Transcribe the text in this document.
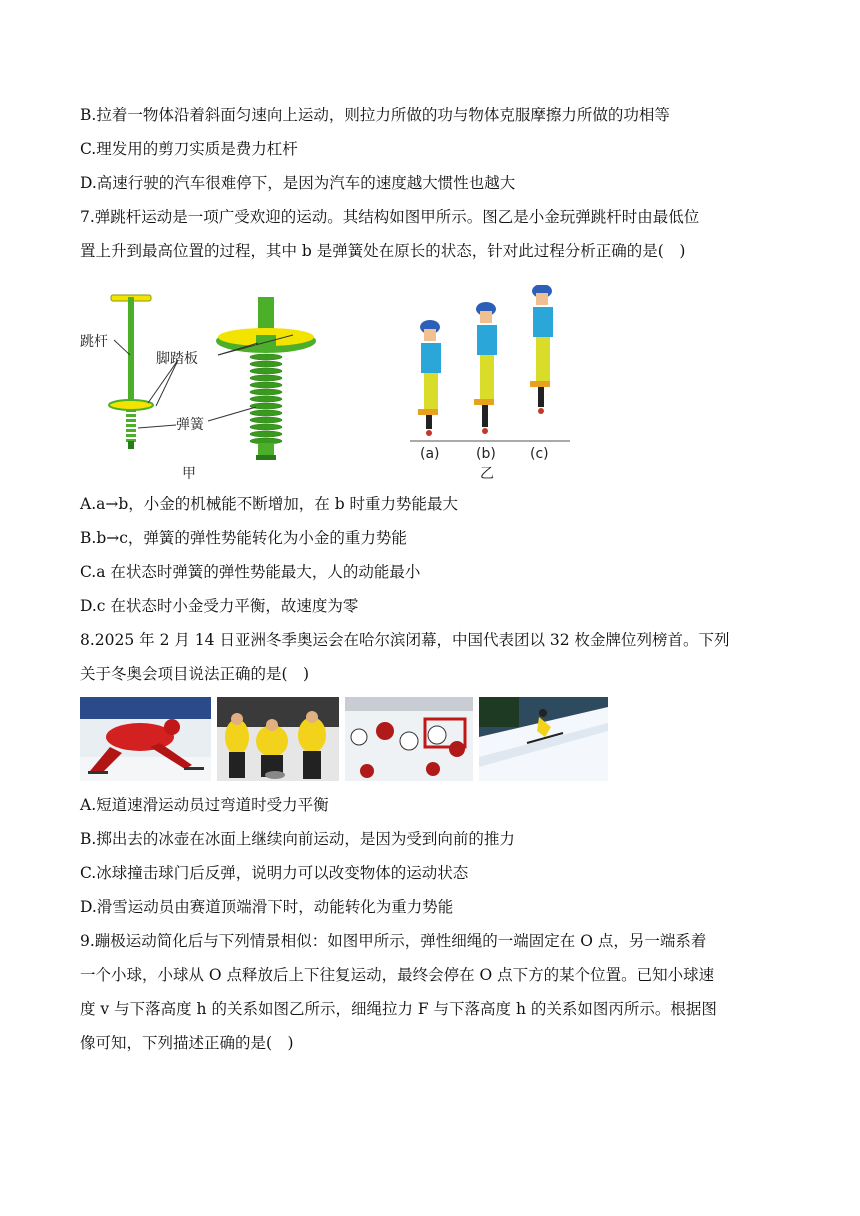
B.拉着一物体沿着斜面匀速向上运动，则拉力所做的功与物体克服摩擦力所做的功相等
C.理发用的剪刀实质是费力杠杆
D.高速行驶的汽车很难停下，是因为汽车的速度越大惯性也越大
7.弹跳杆运动是一项广受欢迎的运动。其结构如图甲所示。图乙是小金玩弹跳杆时由最低位
置上升到最高位置的过程，其中 b 是弹簧处在原长的状态，针对此过程分析正确的是(　)
跳杆
脚踏板
弹簧
甲
(a)	(b) (c)
乙
A.a→b，小金的机械能不断增加，在 b 时重力势能最大
B.b→c，弹簧的弹性势能转化为小金的重力势能
C.a 在状态时弹簧的弹性势能最大，人的动能最小
D.c 在状态时小金受力平衡，故速度为零
8.2025 年 2 月 14 日亚洲冬季奥运会在哈尔滨闭幕，中国代表团以 32 枚金牌位列榜首。下列
关于冬奥会项目说法正确的是(　)
A.短道速滑运动员过弯道时受力平衡
B.掷出去的冰壶在冰面上继续向前运动，是因为受到向前的推力
C.冰球撞击球门后反弹，说明力可以改变物体的运动状态
D.滑雪运动员由赛道顶端滑下时，动能转化为重力势能
9.蹦极运动简化后与下列情景相似：如图甲所示，弹性细绳的一端固定在 O 点，另一端系着
一个小球，小球从 O 点释放后上下往复运动，最终会停在 O 点下方的某个位置。已知小球速
度 v 与下落高度 h 的关系如图乙所示，细绳拉力 F 与下落高度 h 的关系如图丙所示。根据图
像可知，下列描述正确的是(　)
